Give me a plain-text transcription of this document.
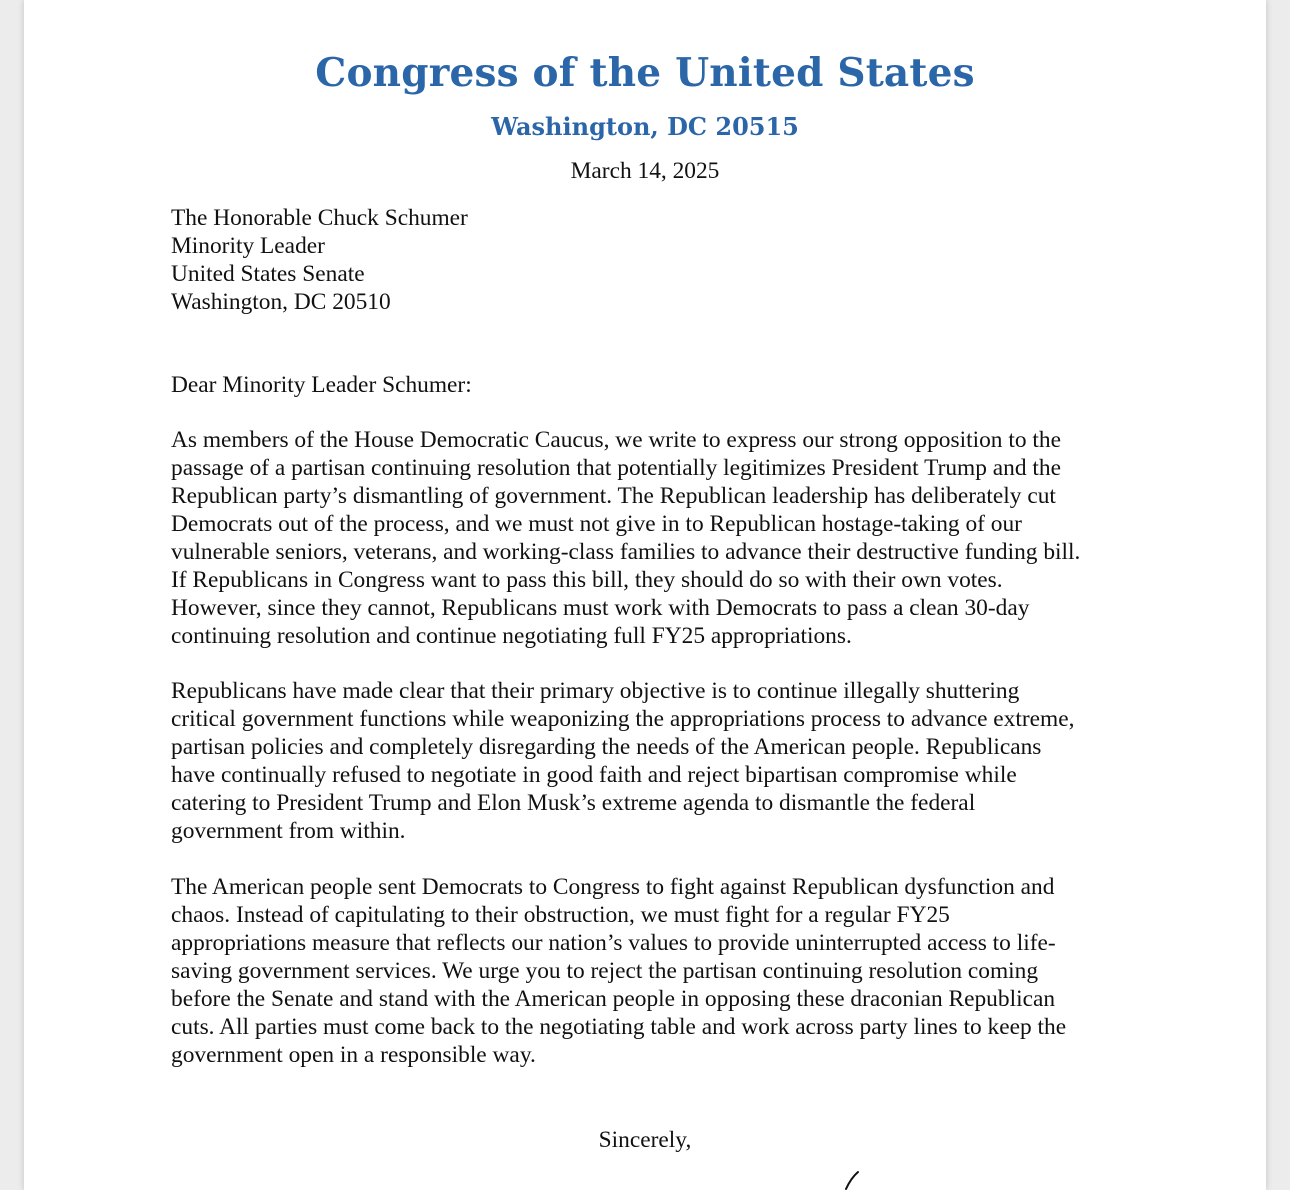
Congress of the United States
Washington, DC 20515
March 14, 2025
The Honorable Chuck Schumer
Minority Leader
United States Senate
Washington, DC 20510
Dear Minority Leader Schumer:
As members of the House Democratic Caucus, we write to express our strong opposition to the
passage of a partisan continuing resolution that potentially legitimizes President Trump and the
Republican party’s dismantling of government. The Republican leadership has deliberately cut
Democrats out of the process, and we must not give in to Republican hostage-taking of our
vulnerable seniors, veterans, and working-class families to advance their destructive funding bill.
If Republicans in Congress want to pass this bill, they should do so with their own votes.
However, since they cannot, Republicans must work with Democrats to pass a clean 30-day
continuing resolution and continue negotiating full FY25 appropriations.
Republicans have made clear that their primary objective is to continue illegally shuttering
critical government functions while weaponizing the appropriations process to advance extreme,
partisan policies and completely disregarding the needs of the American people. Republicans
have continually refused to negotiate in good faith and reject bipartisan compromise while
catering to President Trump and Elon Musk’s extreme agenda to dismantle the federal
government from within.
The American people sent Democrats to Congress to fight against Republican dysfunction and
chaos. Instead of capitulating to their obstruction, we must fight for a regular FY25
appropriations measure that reflects our nation’s values to provide uninterrupted access to life-
saving government services. We urge you to reject the partisan continuing resolution coming
before the Senate and stand with the American people in opposing these draconian Republican
cuts. All parties must come back to the negotiating table and work across party lines to keep the
government open in a responsible way.
Sincerely,
